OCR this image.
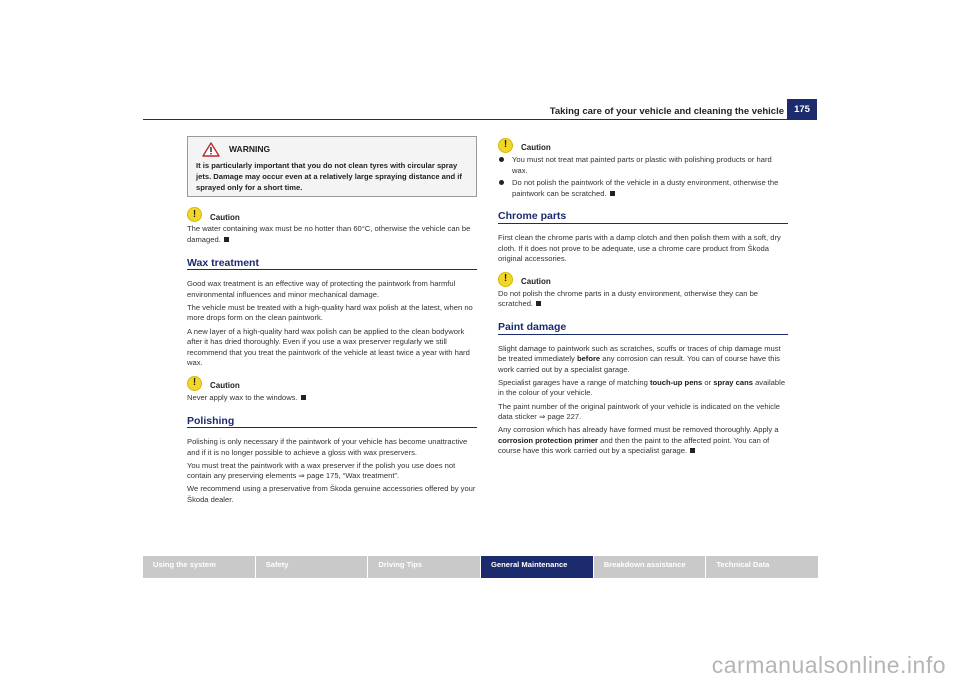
Taking care of your vehicle and cleaning the vehicle	175
WARNING
It is particularly important that you do not clean tyres with circular spray jets. Damage may occur even at a relatively large spraying distance and if sprayed only for a short time.
!	Caution

The water containing wax must be no hotter than 60°C, otherwise the vehicle can be damaged.

Wax treatment

Good wax treatment is an effective way of protecting the paintwork from harmful environmental influences and minor mechanical damage.

The vehicle must be treated with a high-quality hard wax polish at the latest, when no more drops form on the clean paintwork.

A new layer of a high-quality hard wax polish can be applied to the clean bodywork after it has dried thoroughly. Even if you use a wax preserver regularly we still recommend that you treat the paintwork of the vehicle at least twice a year with hard wax.

!	Caution

Never apply wax to the windows.

Polishing

Polishing is only necessary if the paintwork of your vehicle has become unattractive and if it is no longer possible to achieve a gloss with wax preservers.

You must treat the paintwork with a wax preserver if the polish you use does not contain any preserving elements ⇒ page 175, “Wax treatment”.

We recommend using a preservative from Škoda genuine accessories offered by your Škoda dealer.

!	Caution

You must not treat mat painted parts or plastic with polishing products or hard wax.

Do not polish the paintwork of the vehicle in a dusty environment, otherwise the paintwork can be scratched.

Chrome parts

First clean the chrome parts with a damp clotch and then polish them with a soft, dry cloth. If it does not prove to be adequate, use a chrome care product from Škoda original accessories.

!	Caution

Do not polish the chrome parts in a dusty environment, otherwise they can be scratched.

Paint damage

Slight damage to paintwork such as scratches, scuffs or traces of chip damage must be treated immediately before any corrosion can result. You can of course have this work carried out by a specialist garage.

Specialist garages have a range of matching touch-up pens or spray cans available in the colour of your vehicle.

The paint number of the original paintwork of your vehicle is indicated on the vehicle data sticker ⇒ page 227.

Any corrosion which has already have formed must be removed thoroughly. Apply a corrosion protection primer and then the paint to the affected point. You can of course have this work carried out by a specialist garage.

Using the system	Safety	Driving Tips	General Maintenance	Breakdown assistance	Technical Data
carmanualsonline.info
